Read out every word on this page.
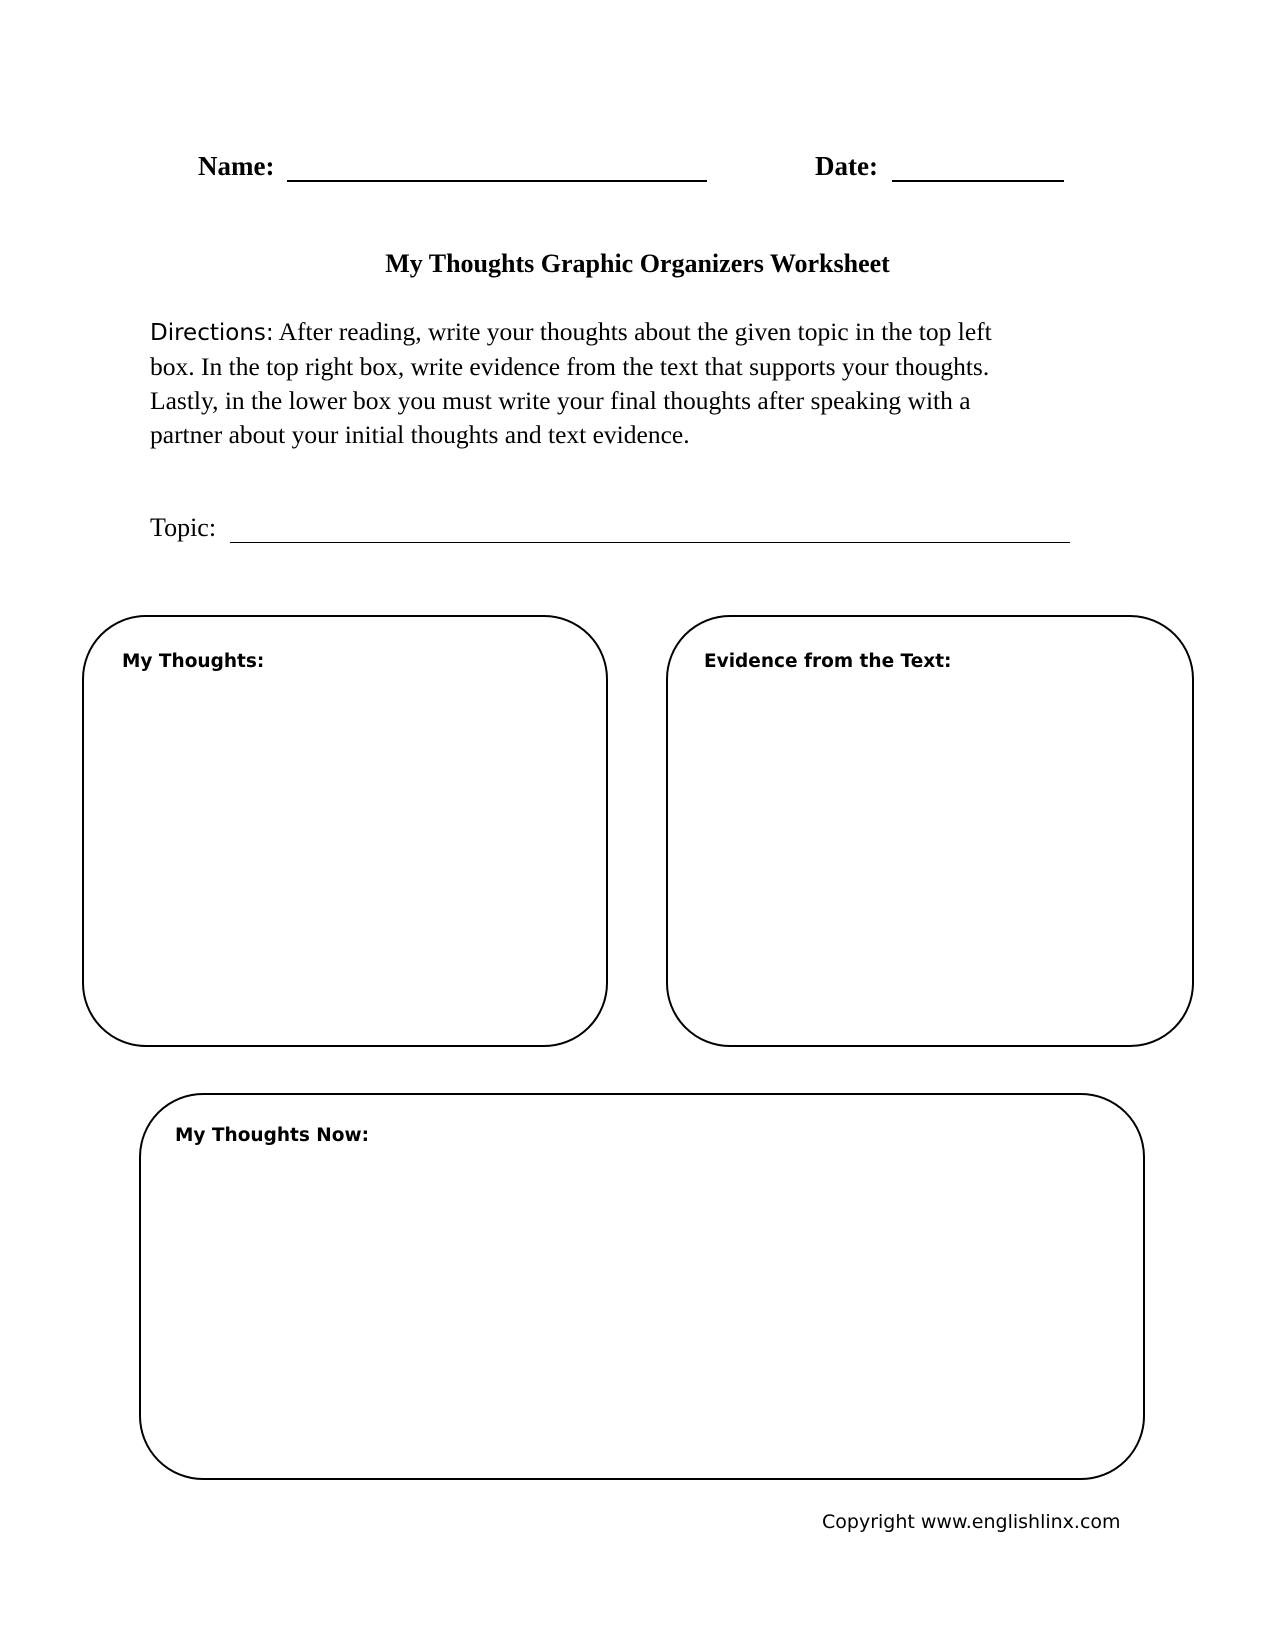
Name:	Date:
My Thoughts Graphic Organizers Worksheet
Directions: After reading, write your thoughts about the given topic in the top left
box. In the top right box, write evidence from the text that supports your thoughts.
Lastly, in the lower box you must write your final thoughts after speaking with a
partner about your initial thoughts and text evidence.
Topic:
My Thoughts:	Evidence from the Text:
My Thoughts Now:
Copyright www.englishlinx.com
